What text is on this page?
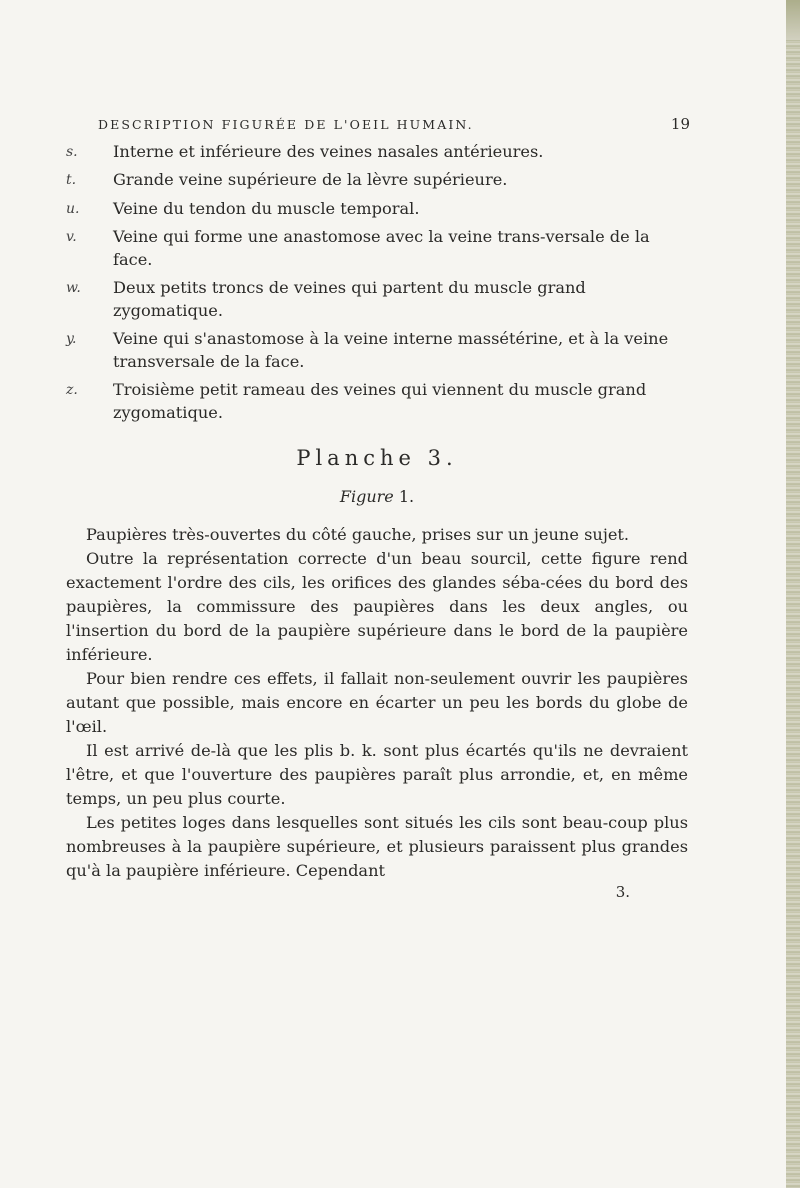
DESCRIPTION FIGURÉE DE L'OEIL HUMAIN.	19
s.	Interne et inférieure des veines nasales antérieures.
t.	Grande veine supérieure de la lèvre supérieure.
u.	Veine du tendon du muscle temporal.
v.	Veine qui forme une anastomose avec la veine trans-versale de la face.
w.	Deux petits troncs de veines qui partent du muscle grand zygomatique.
y.	Veine qui s'anastomose à la veine interne massétérine, et à la veine transversale de la face.
z.	Troisième petit rameau des veines qui viennent du muscle grand zygomatique.
Planche 3.
Figure 1.

Paupières très-ouvertes du côté gauche, prises sur un jeune sujet.

Outre la représentation correcte d'un beau sourcil, cette figure rend exactement l'ordre des cils, les orifices des glandes séba-cées du bord des paupières, la commissure des paupières dans les deux angles, ou l'insertion du bord de la paupière supérieure dans le bord de la paupière inférieure.

Pour bien rendre ces effets, il fallait non-seulement ouvrir les paupières autant que possible, mais encore en écarter un peu les bords du globe de l'œil.

Il est arrivé de-là que les plis b. k. sont plus écartés qu'ils ne devraient l'être, et que l'ouverture des paupières paraît plus arrondie, et, en même temps, un peu plus courte.

Les petites loges dans lesquelles sont situés les cils sont beau-coup plus nombreuses à la paupière supérieure, et plusieurs paraissent plus grandes qu'à la paupière inférieure. Cependant

3.
